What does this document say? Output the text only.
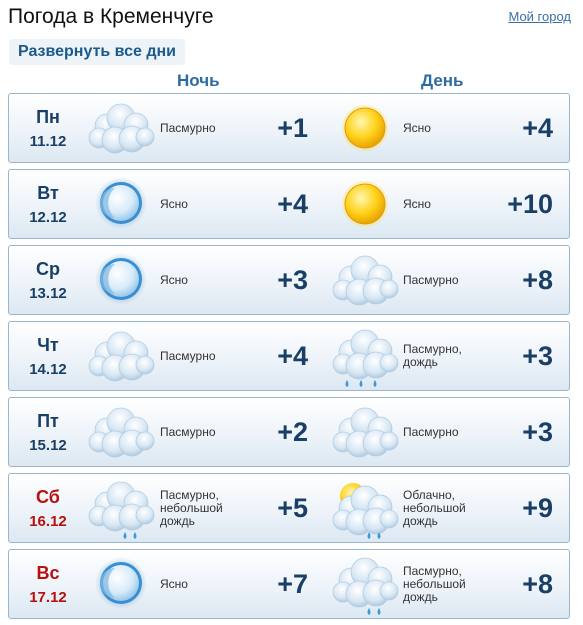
Погода в Кременчуге	Мой город
Развернуть все дни
Ночь	День
Пн
11.12
Пасмурно	+1	Ясно	+4
Вт
12.12
Ясно	+4	Ясно	+10
Ср
13.12
Ясно	+3	Пасмурно	+8
Чт
14.12
Пасмурно	+4	Пасмурно,
дождь	+3
Пт
15.12
Пасмурно	+2	Пасмурно	+3
Сб
16.12
Пасмурно,
небольшой
дождь	+5	Облачно,
небольшой
дождь	+9
Вс
17.12
Ясно	+7	Пасмурно,
небольшой
дождь	+8
